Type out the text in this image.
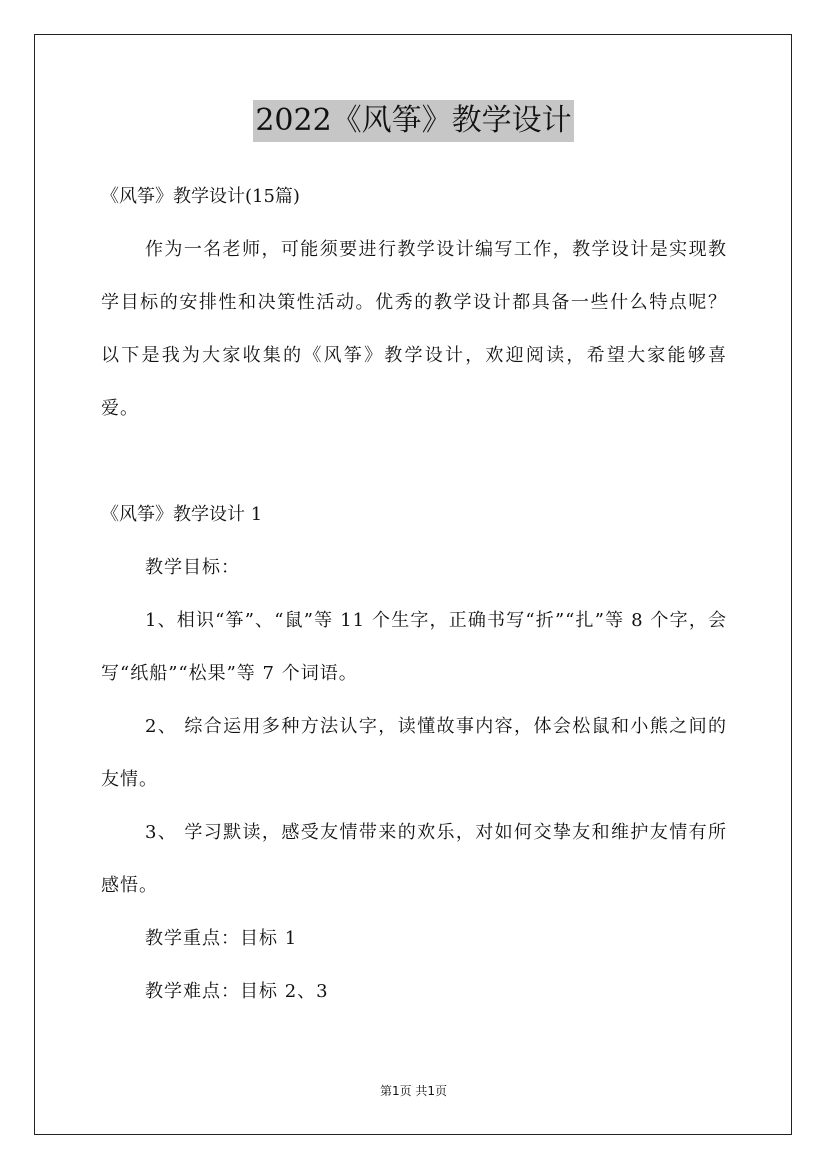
2022《风筝》教学设计

《风筝》教学设计(15篇)

作为一名老师，可能须要进行教学设计编写工作，教学设计是实现教学目标的安排性和决策性活动。优秀的教学设计都具备一些什么特点呢？以下是我为大家收集的《风筝》教学设计，欢迎阅读，希望大家能够喜爱。

《风筝》教学设计 1

教学目标：

1、相识“筝”、“鼠”等 11 个生字，正确书写“折”“扎”等 8 个字，会写“纸船”“松果”等 7 个词语。

2、 综合运用多种方法认字，读懂故事内容，体会松鼠和小熊之间的友情。

3、 学习默读，感受友情带来的欢乐，对如何交挚友和维护友情有所感悟。

教学重点：目标 1

教学难点：目标 2、3

第1页 共1页
